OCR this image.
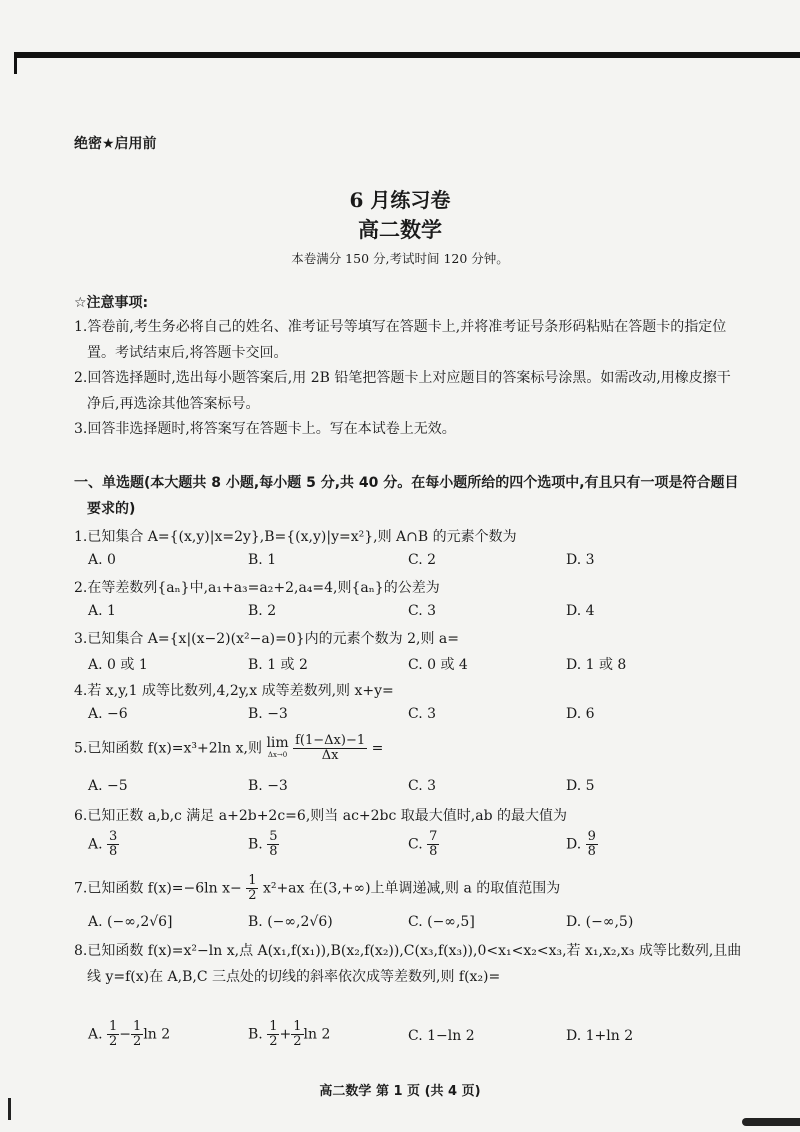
绝密★启用前
6 月练习卷
高二数学
本卷满分 150 分,考试时间 120 分钟。
☆注意事项:

1.答卷前,考生务必将自己的姓名、准考证号等填写在答题卡上,并将准考证号条形码粘贴在答题卡的指定位置。考试结束后,将答题卡交回。

2.回答选择题时,选出每小题答案后,用 2B 铅笔把答题卡上对应题目的答案标号涂黑。如需改动,用橡皮擦干净后,再选涂其他答案标号。

3.回答非选择题时,将答案写在答题卡上。写在本试卷上无效。

一、单选题(本大题共 8 小题,每小题 5 分,共 40 分。在每小题所给的四个选项中,有且只有一项是符合题目要求的)
1.已知集合 A={(x,y)|x=2y},B={(x,y)|y=x²},则 A∩B 的元素个数为
A. 0	B. 1	C. 2	D. 3
2.在等差数列{aₙ}中,a₁+a₃=a₂+2,a₄=4,则{aₙ}的公差为
A. 1	B. 2	C. 3	D. 4
3.已知集合 A={x|(x−2)(x²−a)=0}内的元素个数为 2,则 a=
A. 0 或 1	B. 1 或 2	C. 0 或 4	D. 1 或 8
4.若 x,y,1 成等比数列,4,2y,x 成等差数列,则 x+y=
A. −6	B. −3	C. 3	D. 6
5.已知函数 f(x)=x³+2ln x,则 lim
Δx→0
$\frac{f(1-\Delta x)-1}{\Delta x}$ =
A. −5	B. −3	C. 3	D. 5
6.已知正数 a,b,c 满足 a+2b+2c=6,则当 ac+2bc 取最大值时,ab 的最大值为
A. $\frac{3}{8}$	B. $\frac{5}{8}$	C. $\frac{7}{8}$	D. $\frac{9}{8}$
7.已知函数 f(x)=−6ln $x- \frac{1}{2} x^2+ax$ 在(3,+∞)上单调递减,则 a 的取值范围为
A. (−∞,2√6]	B. (−∞,2√6)	C. (−∞,5]	D. (−∞,5)
8.已知函数 f(x)=x²−ln x,点 A(x₁,f(x₁)),B(x₂,f(x₂)),C(x₃,f(x₃)),0<x₁<x₂<x₃,若 x₁,x₂,x₃ 成等比数列,且曲线 y=f(x)在 A,B,C 三点处的切线的斜率依次成等差数列,则 f(x₂)=
A. $\frac{1}{2} - \frac{1}{2}$ ln 2	B. $\frac{1}{2} + \frac{1}{2}$ ln 2	C. 1−ln 2	D. 1+ln 2
高二数学 第 1 页 (共 4 页)
